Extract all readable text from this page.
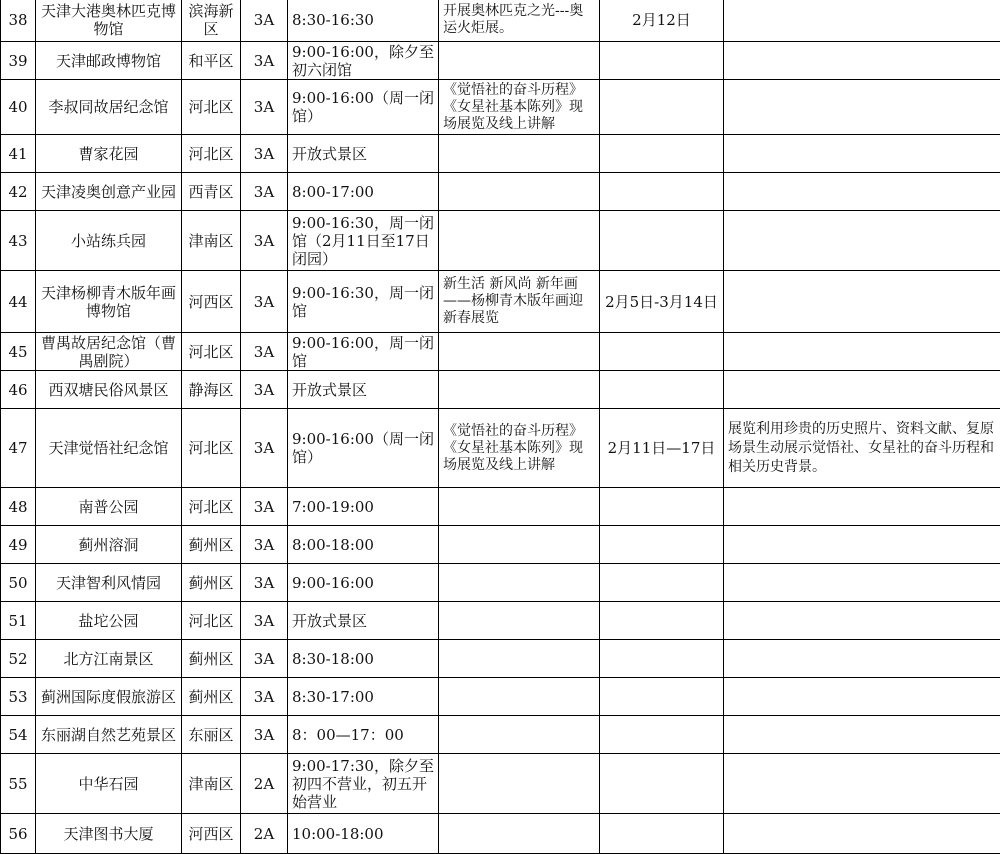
38	天津大港奥林匹克博物馆	滨海新区	3A	8:30-16:30	开展奥林匹克之光---奥运火炬展。	2月12日	
39	天津邮政博物馆	和平区	3A	9:00-16:00，除夕至初六闭馆			
40	李叔同故居纪念馆	河北区	3A	9:00-16:00（周一闭馆）	《觉悟社的奋斗历程》《女星社基本陈列》现场展览及线上讲解		
41	曹家花园	河北区	3A	开放式景区			
42	天津凌奥创意产业园	西青区	3A	8:00-17:00			
43	小站练兵园	津南区	3A	9:00-16:30，周一闭馆（2月11日至17日闭园）			
44	天津杨柳青木版年画博物馆	河西区	3A	9:00-16:30，周一闭馆	新生活 新风尚 新年画——杨柳青木版年画迎新春展览	2月5日-3月14日	
45	曹禺故居纪念馆（曹禺剧院）	河北区	3A	9:00-16:00，周一闭馆			
46	西双塘民俗风景区	静海区	3A	开放式景区			
47	天津觉悟社纪念馆	河北区	3A	9:00-16:00（周一闭馆）	《觉悟社的奋斗历程》《女星社基本陈列》现场展览及线上讲解	2月11日—17日	展览利用珍贵的历史照片、资料文献、复原场景生动展示觉悟社、女星社的奋斗历程和相关历史背景。
48	南普公园	河北区	3A	7:00-19:00			
49	蓟州溶洞	蓟州区	3A	8:00-18:00			
50	天津智利风情园	蓟州区	3A	9:00-16:00			
51	盐坨公园	河北区	3A	开放式景区			
52	北方江南景区	蓟州区	3A	8:30-18:00			
53	蓟洲国际度假旅游区	蓟州区	3A	8:30-17:00			
54	东丽湖自然艺苑景区	东丽区	3A	8：00—17：00			
55	中华石园	津南区	2A	9:00-17:30，除夕至初四不营业，初五开始营业			
56	天津图书大厦	河西区	2A	10:00-18:00			
